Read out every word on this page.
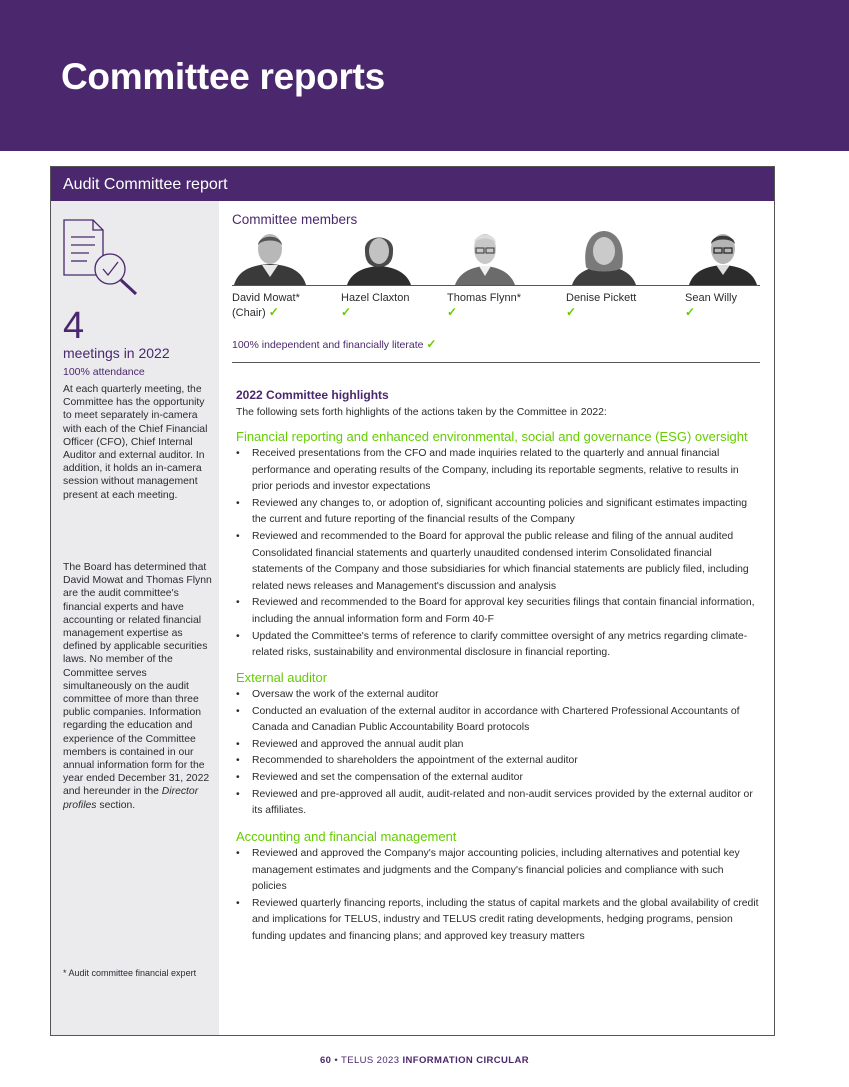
Committee reports
Audit Committee report
4
meetings in 2022
100% attendance

At each quarterly meeting, the Committee has the opportunity to meet separately in-camera with each of the Chief Financial Officer (CFO), Chief Internal Auditor and external auditor. In addition, it holds an in-camera session without management present at each meeting.

The Board has determined that David Mowat and Thomas Flynn are the audit committee's financial experts and have accounting or related financial management expertise as defined by applicable securities laws. No member of the Committee serves simultaneously on the audit committee of more than three public companies. Information regarding the education and experience of the Committee members is contained in our annual information form for the year ended December 31, 2022 and hereunder in the Director profiles section.

* Audit committee financial expert
Committee members
David Mowat*
(Chair) ✓
Hazel Claxton
✓
Thomas Flynn*
✓
Denise Pickett
✓
Sean Willy
✓
100% independent and financially literate ✓
2022 Committee highlights
The following sets forth highlights of the actions taken by the Committee in 2022:
Financial reporting and enhanced environmental, social and governance (ESG) oversight
• Received presentations from the CFO and made inquiries related to the quarterly and annual financial performance and operating results of the Company, including its reportable segments, relative to results in prior periods and investor expectations
• Reviewed any changes to, or adoption of, significant accounting policies and significant estimates impacting the current and future reporting of the financial results of the Company
• Reviewed and recommended to the Board for approval the public release and filing of the annual audited Consolidated financial statements and quarterly unaudited condensed interim Consolidated financial statements of the Company and those subsidiaries for which financial statements are publicly filed, including related news releases and Management's discussion and analysis
• Reviewed and recommended to the Board for approval key securities filings that contain financial information, including the annual information form and Form 40-F
• Updated the Committee's terms of reference to clarify committee oversight of any metrics regarding climate-related risks, sustainability and environmental disclosure in financial reporting.
External auditor
• Oversaw the work of the external auditor
• Conducted an evaluation of the external auditor in accordance with Chartered Professional Accountants of Canada and Canadian Public Accountability Board protocols
• Reviewed and approved the annual audit plan
• Recommended to shareholders the appointment of the external auditor
• Reviewed and set the compensation of the external auditor
• Reviewed and pre-approved all audit, audit-related and non-audit services provided by the external auditor or its affiliates.
Accounting and financial management
• Reviewed and approved the Company's major accounting policies, including alternatives and potential key management estimates and judgments and the Company's financial policies and compliance with such policies
• Reviewed quarterly financing reports, including the status of capital markets and the global availability of credit and implications for TELUS, industry and TELUS credit rating developments, hedging programs, pension funding updates and financing plans; and approved key treasury matters
60 • TELUS 2023 INFORMATION CIRCULAR
